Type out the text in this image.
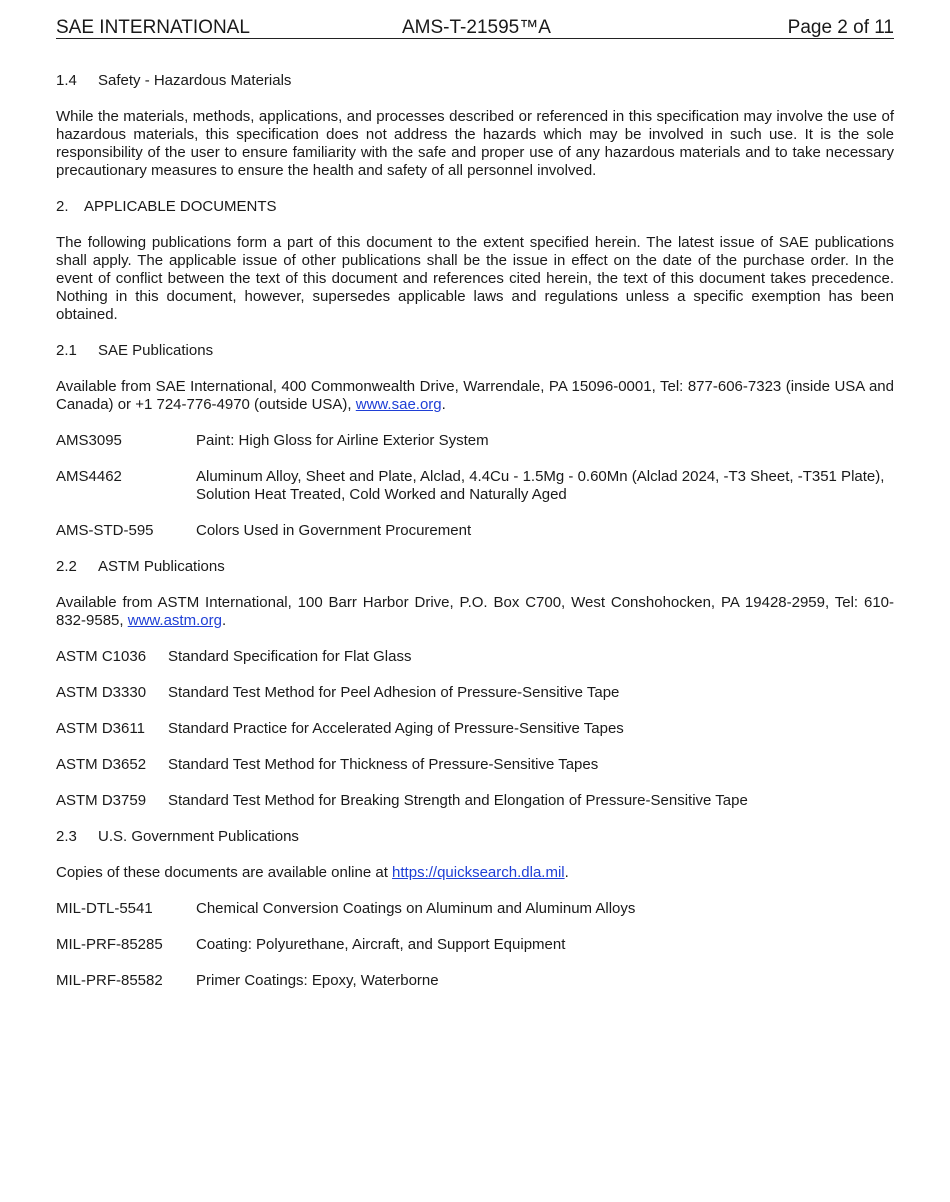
SAE INTERNATIONAL	AMS-T-21595™A	Page 2 of 11

1.4 Safety - Hazardous Materials

While the materials, methods, applications, and processes described or referenced in this specification may involve the use of hazardous materials, this specification does not address the hazards which may be involved in such use. It is the sole responsibility of the user to ensure familiarity with the safe and proper use of any hazardous materials and to take necessary precautionary measures to ensure the health and safety of all personnel involved.

2. APPLICABLE DOCUMENTS

The following publications form a part of this document to the extent specified herein. The latest issue of SAE publications shall apply. The applicable issue of other publications shall be the issue in effect on the date of the purchase order. In the event of conflict between the text of this document and references cited herein, the text of this document takes precedence. Nothing in this document, however, supersedes applicable laws and regulations unless a specific exemption has been obtained.

2.1 SAE Publications

Available from SAE International, 400 Commonwealth Drive, Warrendale, PA 15096-0001, Tel: 877-606-7323 (inside USA and Canada) or +1 724-776-4970 (outside USA), www.sae.org.

AMS3095	Paint: High Gloss for Airline Exterior System
AMS4462	Aluminum Alloy, Sheet and Plate, Alclad, 4.4Cu - 1.5Mg - 0.60Mn (Alclad 2024, -T3 Sheet, -T351 Plate), Solution Heat Treated, Cold Worked and Naturally Aged
AMS-STD-595	Colors Used in Government Procurement

2.2 ASTM Publications

Available from ASTM International, 100 Barr Harbor Drive, P.O. Box C700, West Conshohocken, PA 19428-2959, Tel: 610-832-9585, www.astm.org.

ASTM C1036	Standard Specification for Flat Glass
ASTM D3330	Standard Test Method for Peel Adhesion of Pressure-Sensitive Tape
ASTM D3611	Standard Practice for Accelerated Aging of Pressure-Sensitive Tapes
ASTM D3652	Standard Test Method for Thickness of Pressure-Sensitive Tapes
ASTM D3759	Standard Test Method for Breaking Strength and Elongation of Pressure-Sensitive Tape

2.3 U.S. Government Publications

Copies of these documents are available online at https://quicksearch.dla.mil.

MIL-DTL-5541	Chemical Conversion Coatings on Aluminum and Aluminum Alloys
MIL-PRF-85285	Coating: Polyurethane, Aircraft, and Support Equipment
MIL-PRF-85582	Primer Coatings: Epoxy, Waterborne
